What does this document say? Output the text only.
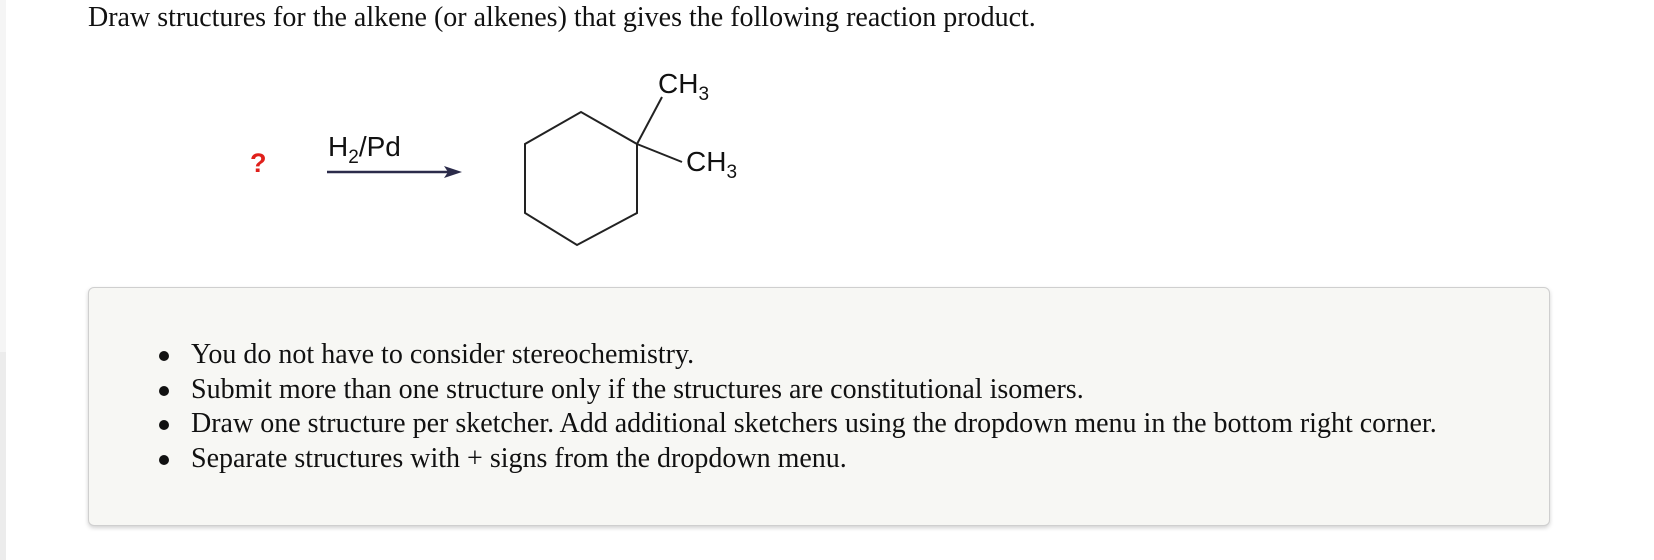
Draw structures for the alkene (or alkenes) that gives the following reaction product.
?
$H_2/Pd$
$CH_3$
$CH_3$
You do not have to consider stereochemistry.
Submit more than one structure only if the structures are constitutional isomers.
Draw one structure per sketcher. Add additional sketchers using the dropdown menu in the bottom right corner.
Separate structures with + signs from the dropdown menu.
